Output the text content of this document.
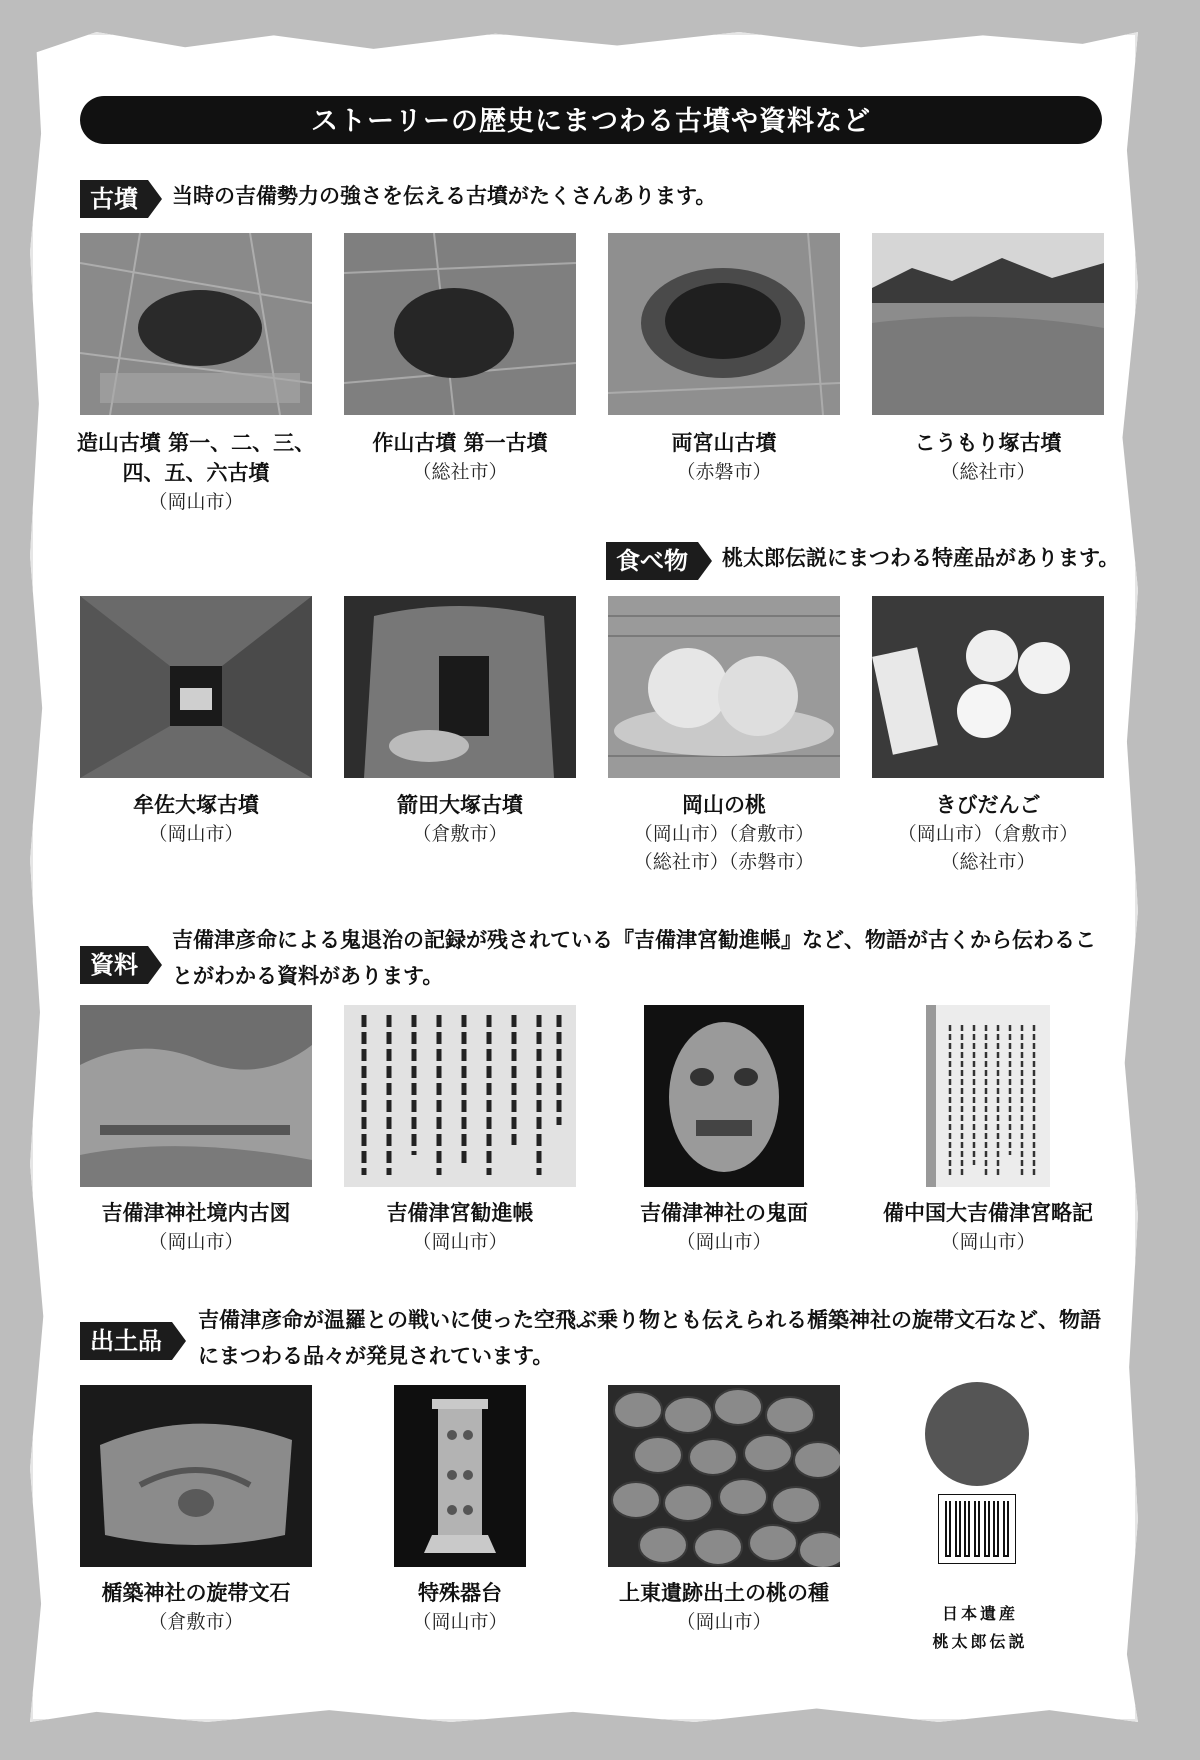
ストーリーの歴史にまつわる古墳や資料など
古墳	当時の吉備勢力の強さを伝える古墳がたくさんあります。
造山古墳 第一、二、三、四、五、六古墳
（岡山市）
作山古墳 第一古墳
（総社市）
両宮山古墳
（赤磐市）
こうもり塚古墳
（総社市）
食べ物	桃太郎伝説にまつわる特産品があります。
牟佐大塚古墳
（岡山市）
箭田大塚古墳
（倉敷市）
岡山の桃
（岡山市）（倉敷市）
（総社市）（赤磐市）
きびだんご
（岡山市）（倉敷市）
（総社市）
資料
吉備津彦命による鬼退治の記録が残されている『吉備津宮勧進帳』など、物語が古くから伝わることがわかる資料があります。
吉備津神社境内古図
（岡山市）
吉備津宮勧進帳
（岡山市）
吉備津神社の鬼面
（岡山市）
備中国大吉備津宮略記
（岡山市）
出土品
吉備津彦命が温羅との戦いに使った空飛ぶ乗り物とも伝えられる楯築神社の旋帯文石など、物語にまつわる品々が発見されています。
楯築神社の旋帯文石
（倉敷市）
特殊器台
（岡山市）
上東遺跡出土の桃の種
（岡山市）	日本遺産
桃太郎伝説
